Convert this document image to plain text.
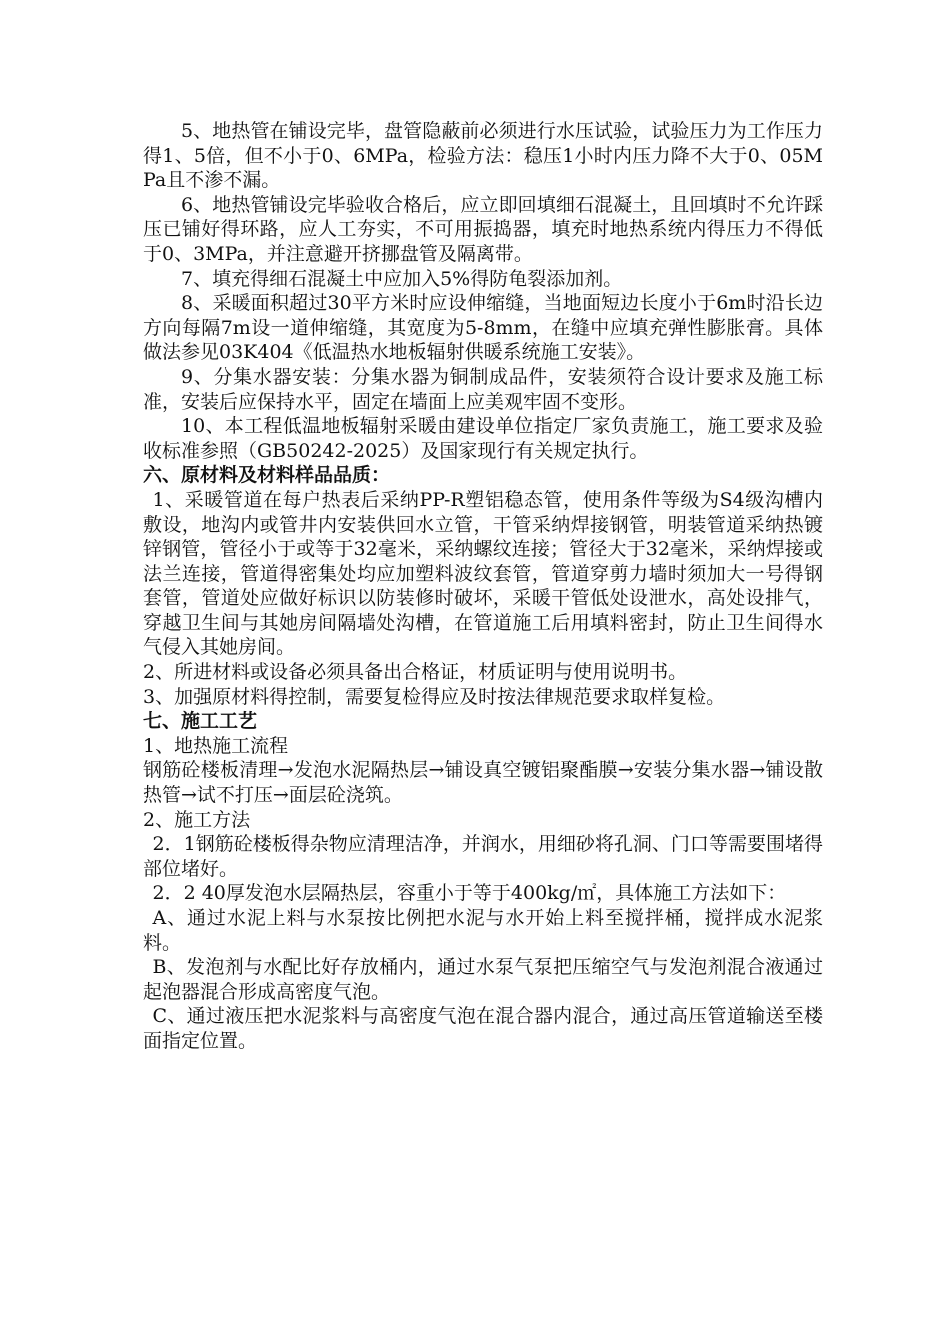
5、地热管在铺设完毕，盘管隐蔽前必须进行水压试验，试验压力为工作压力得1、5倍，但不小于0、6MPa，检验方法：稳压1小时内压力降不大于0、05MPa且不渗不漏。

6、地热管铺设完毕验收合格后，应立即回填细石混凝土，且回填时不允许踩压已铺好得环路，应人工夯实，不可用振捣器，填充时地热系统内得压力不得低于0、3MPa，并注意避开挤挪盘管及隔离带。

7、填充得细石混凝土中应加入5%得防龟裂添加剂。

8、采暖面积超过30平方米时应设伸缩缝，当地面短边长度小于6m时沿长边方向每隔7m设一道伸缩缝，其宽度为5-8mm，在缝中应填充弹性膨胀膏。具体做法参见03K404《低温热水地板辐射供暖系统施工安装》。

9、分集水器安装：分集水器为铜制成品件，安装须符合设计要求及施工标准，安装后应保持水平，固定在墙面上应美观牢固不变形。

10、本工程低温地板辐射采暖由建设单位指定厂家负责施工，施工要求及验收标准参照（GB50242-2025）及国家现行有关规定执行。

六、原材料及材料样品品质：

1、采暖管道在每户热表后采纳PP-R塑铝稳态管，使用条件等级为S4级沟槽内敷设，地沟内或管井内安装供回水立管，干管采纳焊接钢管，明装管道采纳热镀锌钢管，管径小于或等于32毫米，采纳螺纹连接；管径大于32毫米，采纳焊接或法兰连接，管道得密集处均应加塑料波纹套管，管道穿剪力墙时须加大一号得钢套管，管道处应做好标识以防装修时破坏，采暖干管低处设泄水，高处设排气，穿越卫生间与其她房间隔墙处沟槽，在管道施工后用填料密封，防止卫生间得水气侵入其她房间。

2、所进材料或设备必须具备出合格证，材质证明与使用说明书。

3、加强原材料得控制，需要复检得应及时按法律规范要求取样复检。

七、施工工艺

1、地热施工流程

钢筋砼楼板清理→发泡水泥隔热层→铺设真空镀铝聚酯膜→安装分集水器→铺设散热管→试不打压→面层砼浇筑。

2、施工方法

2．1钢筋砼楼板得杂物应清理洁净，并润水，用细砂将孔洞、门口等需要围堵得部位堵好。

2．2 40厚发泡水层隔热层，容重小于等于400kg/㎡，具体施工方法如下：

A、通过水泥上料与水泵按比例把水泥与水开始上料至搅拌桶，搅拌成水泥浆料。

B、发泡剂与水配比好存放桶内，通过水泵气泵把压缩空气与发泡剂混合液通过起泡器混合形成高密度气泡。

C、通过液压把水泥浆料与高密度气泡在混合器内混合，通过高压管道输送至楼面指定位置。
